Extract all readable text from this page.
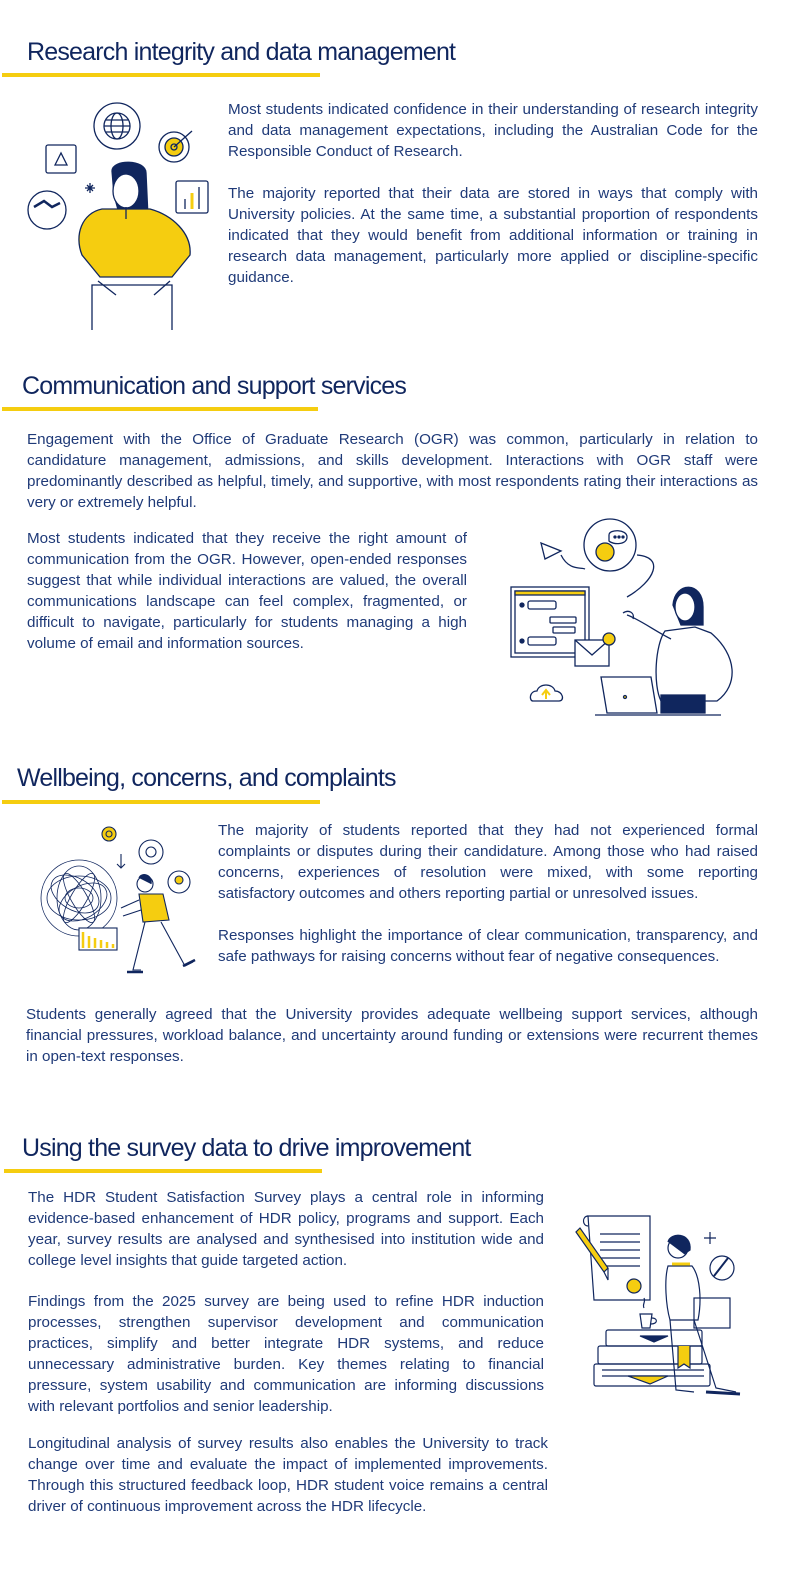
Research integrity and data management

Most students indicated confidence in their understanding of research integrity and data management expectations, including the Australian Code for the Responsible Conduct of Research.

The majority reported that their data are stored in ways that comply with University policies. At the same time, a substantial proportion of respondents indicated that they would benefit from additional information or training in research data management, particularly more applied or discipline-specific guidance.

Communication and support services

Engagement with the Office of Graduate Research (OGR) was common, particularly in relation to candidature management, admissions, and skills development. Interactions with OGR staff were predominantly described as helpful, timely, and supportive, with most respondents rating their interactions as very or extremely helpful.

Most students indicated that they receive the right amount of communication from the OGR. However, open-ended responses suggest that while individual interactions are valued, the overall communications landscape can feel complex, fragmented, or difficult to navigate, particularly for students managing a high volume of email and information sources.

Wellbeing, concerns, and complaints

The majority of students reported that they had not experienced formal complaints or disputes during their candidature. Among those who had raised concerns, experiences of resolution were mixed, with some reporting satisfactory outcomes and others reporting partial or unresolved issues.

Responses highlight the importance of clear communication, transparency, and safe pathways for raising concerns without fear of negative consequences.

Students generally agreed that the University provides adequate wellbeing support services, although financial pressures, workload balance, and uncertainty around funding or extensions were recurrent themes in open-text responses.

Using the survey data to drive improvement

The HDR Student Satisfaction Survey plays a central role in informing evidence-based enhancement of HDR policy, programs and support. Each year, survey results are analysed and synthesised into institution wide and college level insights that guide targeted action.

Findings from the 2025 survey are being used to refine HDR induction processes, strengthen supervisor development and communication practices, simplify and better integrate HDR systems, and reduce unnecessary administrative burden. Key themes relating to financial pressure, system usability and communication are informing discussions with relevant portfolios and senior leadership.

Longitudinal analysis of survey results also enables the University to track change over time and evaluate the impact of implemented improvements. Through this structured feedback loop, HDR student voice remains a central driver of continuous improvement across the HDR lifecycle.
